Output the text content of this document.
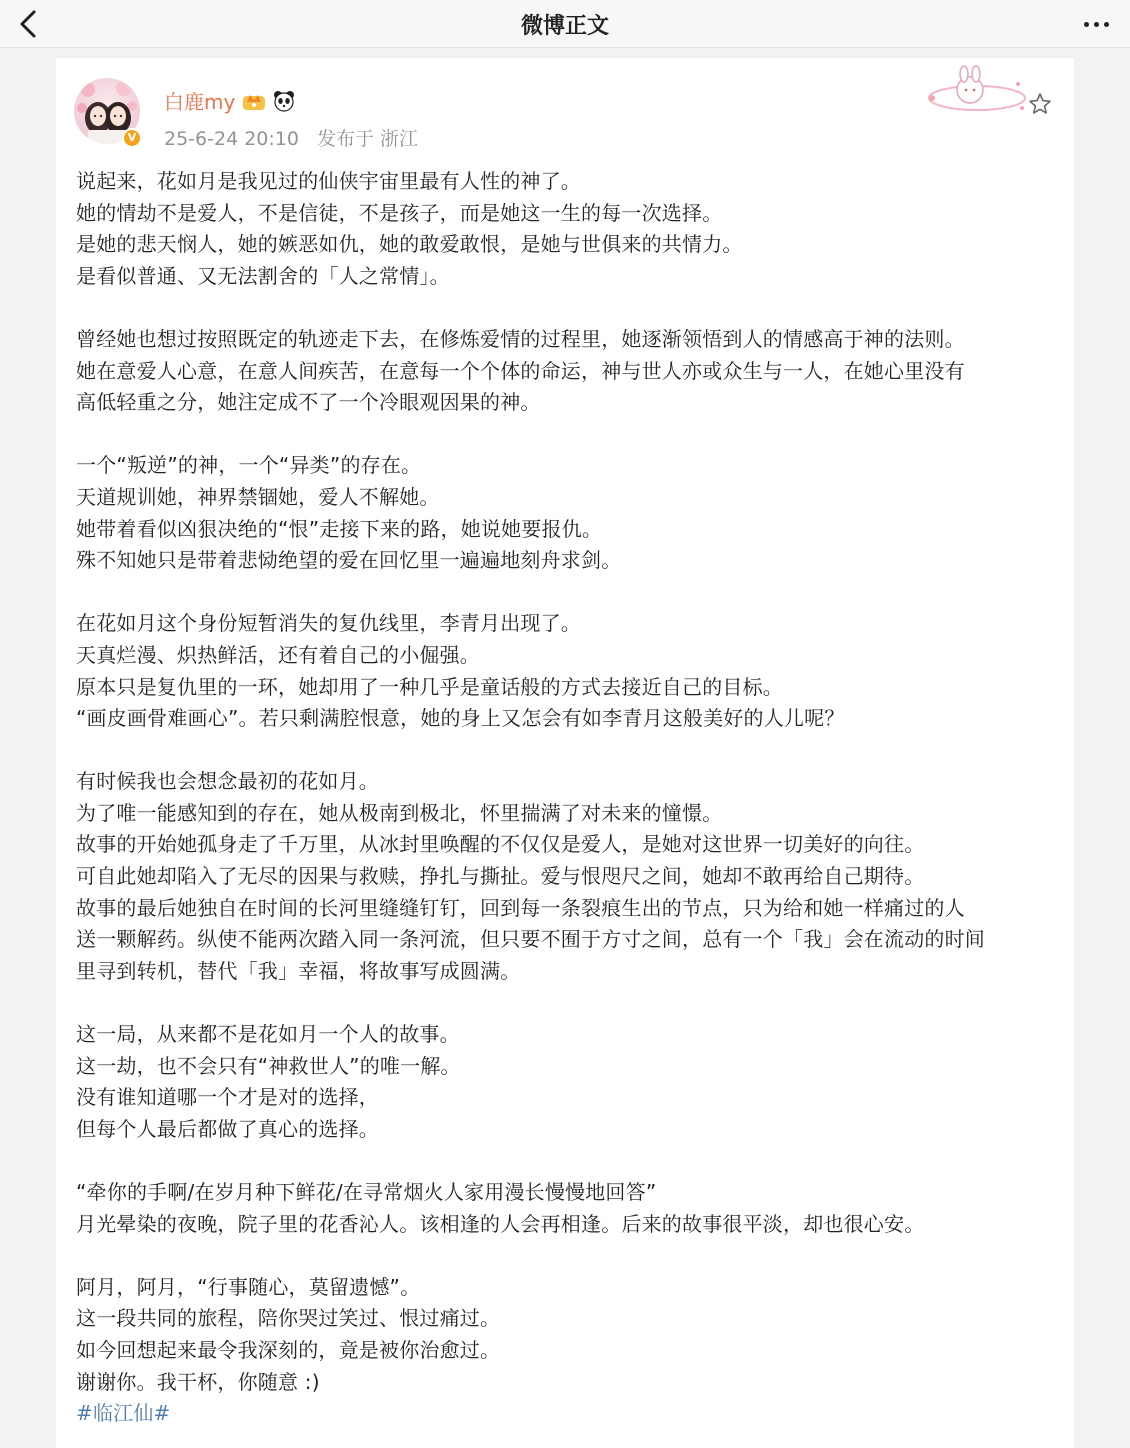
微博正文
V
白鹿my
25-6-24 20:10 发布于 浙江

说起来，花如月是我见过的仙侠宇宙里最有人性的神了。

她的情劫不是爱人，不是信徒，不是孩子，而是她这一生的每一次选择。

是她的悲天悯人，她的嫉恶如仇，她的敢爱敢恨，是她与世俱来的共情力。

是看似普通、又无法割舍的「人之常情」。

曾经她也想过按照既定的轨迹走下去，在修炼爱情的过程里，她逐渐领悟到人的情感高于神的法则。

她在意爱人心意，在意人间疾苦，在意每一个个体的命运，神与世人亦或众生与一人，在她心里没有

高低轻重之分，她注定成不了一个冷眼观因果的神。

一个“叛逆”的神，一个“异类”的存在。

天道规训她，神界禁锢她，爱人不解她。

她带着看似凶狠决绝的“恨”走接下来的路，她说她要报仇。

殊不知她只是带着悲恸绝望的爱在回忆里一遍遍地刻舟求剑。

在花如月这个身份短暂消失的复仇线里，李青月出现了。

天真烂漫、炽热鲜活，还有着自己的小倔强。

原本只是复仇里的一环，她却用了一种几乎是童话般的方式去接近自己的目标。

“画皮画骨难画心”。若只剩满腔恨意，她的身上又怎会有如李青月这般美好的人儿呢？

有时候我也会想念最初的花如月。

为了唯一能感知到的存在，她从极南到极北，怀里揣满了对未来的憧憬。

故事的开始她孤身走了千万里，从冰封里唤醒的不仅仅是爱人，是她对这世界一切美好的向往。

可自此她却陷入了无尽的因果与救赎，挣扎与撕扯。爱与恨咫尺之间，她却不敢再给自己期待。

故事的最后她独自在时间的长河里缝缝钉钉，回到每一条裂痕生出的节点，只为给和她一样痛过的人

送一颗解药。纵使不能两次踏入同一条河流，但只要不囿于方寸之间，总有一个「我」会在流动的时间

里寻到转机，替代「我」幸福，将故事写成圆满。

这一局，从来都不是花如月一个人的故事。

这一劫，也不会只有“神救世人”的唯一解。

没有谁知道哪一个才是对的选择，

但每个人最后都做了真心的选择。

“牵你的手啊/在岁月种下鲜花/在寻常烟火人家用漫长慢慢地回答”

月光晕染的夜晚，院子里的花香沁人。该相逢的人会再相逢。后来的故事很平淡，却也很心安。

阿月，阿月，“行事随心，莫留遗憾”。

这一段共同的旅程，陪你哭过笑过、恨过痛过。

如今回想起来最令我深刻的，竟是被你治愈过。

谢谢你。我干杯，你随意 :)

#临江仙#
